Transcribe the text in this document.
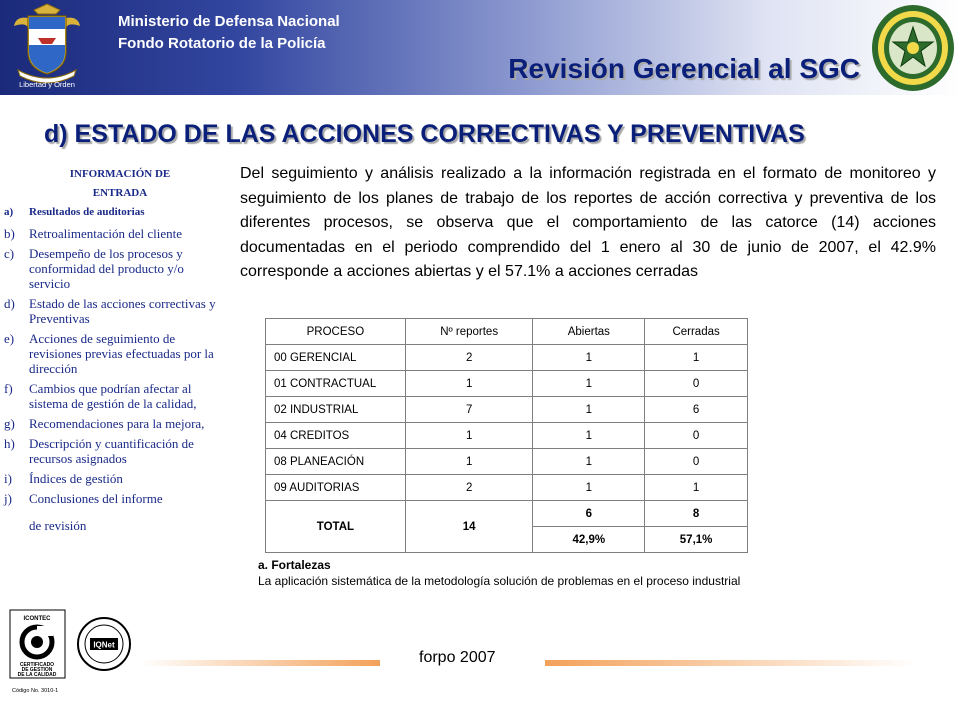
Libertad y Orden
Ministerio de Defensa Nacional
Fondo Rotatorio de la Policía
Revisión Gerencial al SGC
d) ESTADO DE LAS ACCIONES CORRECTIVAS Y PREVENTIVAS
INFORMACIÓN DE
ENTRADA
a)	Resultados de auditorias
b)	Retroalimentación del cliente
c)	Desempeño de los procesos y conformidad del producto y/o servicio
d)	Estado de las acciones correctivas y Preventivas
e)	Acciones de seguimiento de revisiones previas efectuadas por la dirección
f)	Cambios que podrían afectar al sistema de gestión de la calidad,
g)	Recomendaciones para la mejora,
h)	Descripción y cuantificación de recursos asignados
i)	Índices de gestión
j)	Conclusiones del informe
de revisión
Del seguimiento y análisis realizado a la información registrada en el formato de monitoreo y seguimiento de los planes de trabajo de los reportes de acción correctiva y preventiva de los diferentes procesos, se observa que el comportamiento de las catorce (14) acciones documentadas en el periodo comprendido del 1 enero al 30 de junio de 2007, el 42.9% corresponde a acciones abiertas y el 57.1% a acciones cerradas
PROCESO	Nº reportes	Abiertas	Cerradas
00 GERENCIAL	2	1	1
01 CONTRACTUAL	1	1	0
02 INDUSTRIAL	7	1	6
04 CREDITOS	1	1	0
08 PLANEACIÓN	1	1	0
09 AUDITORIAS	2	1	1
TOTAL	14	6	8
		42,9%	57,1%
a. Fortalezas
La aplicación sistemática de la metodología solución de problemas en el proceso industrial
ICONTEC
CERTIFICADO
DE GESTION
DE LA CALIDAD
Código No. 3010-1
IQNet
forpo 2007
